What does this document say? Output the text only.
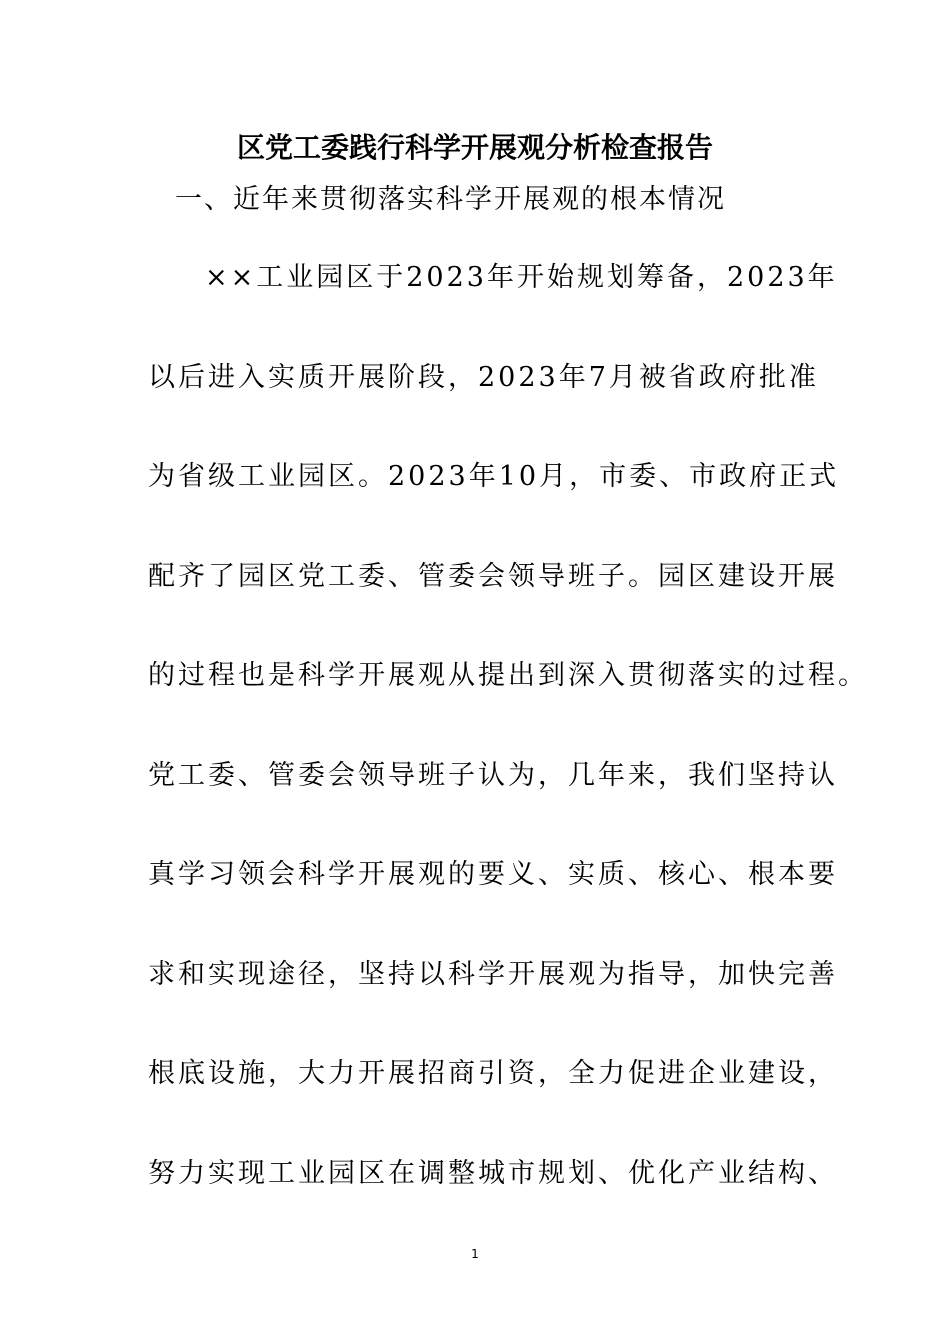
区党工委践行科学开展观分析检查报告
一、近年来贯彻落实科学开展观的根本情况
××工业园区于2023年开始规划筹备，2023年
以后进入实质开展阶段，2023年7月被省政府批准
为省级工业园区。2023年10月，市委、市政府正式
配齐了园区党工委、管委会领导班子。园区建设开展
的过程也是科学开展观从提出到深入贯彻落实的过程。
党工委、管委会领导班子认为，几年来，我们坚持认
真学习领会科学开展观的要义、实质、核心、根本要
求和实现途径，坚持以科学开展观为指导，加快完善
根底设施，大力开展招商引资，全力促进企业建设，
努力实现工业园区在调整城市规划、优化产业结构、
1
